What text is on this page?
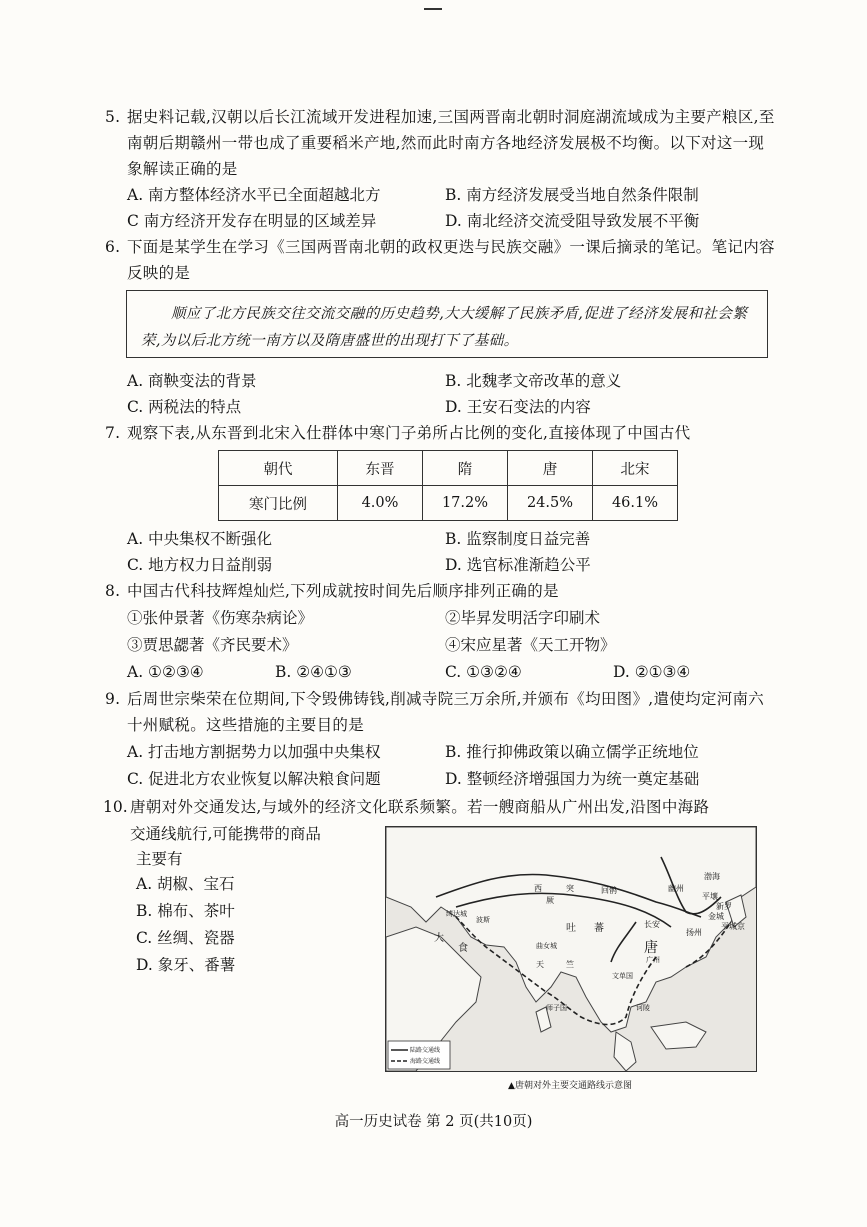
5. 据史料记载,汉朝以后长江流域开发进程加速,三国两晋南北朝时洞庭湖流域成为主要产粮区,至南朝后期赣州一带也成了重要稻米产地,然而此时南方各地经济发展极不均衡。以下对这一现象解读正确的是
A. 南方整体经济水平已全面超越北方	B. 南方经济发展受当地自然条件限制
C 南方经济开发存在明显的区域差异	D. 南北经济交流受阻导致发展不平衡
6. 下面是某学生在学习《三国两晋南北朝的政权更迭与民族交融》一课后摘录的笔记。笔记内容反映的是
顺应了北方民族交往交流交融的历史趋势,大大缓解了民族矛盾,促进了经济发展和社会繁荣,为以后北方统一南方以及隋唐盛世的出现打下了基础。
A. 商鞅变法的背景	B. 北魏孝文帝改革的意义
C. 两税法的特点	D. 王安石变法的内容
7. 观察下表,从东晋到北宋入仕群体中寒门子弟所占比例的变化,直接体现了中国古代
朝代	东晋	隋	唐	北宋
寒门比例	4.0%	17.2%	24.5%	46.1%
A. 中央集权不断强化	B. 监察制度日益完善
C. 地方权力日益削弱	D. 选官标准渐趋公平
8. 中国古代科技辉煌灿烂,下列成就按时间先后顺序排列正确的是
①张仲景著《伤寒杂病论》	②毕昇发明活字印刷术
③贾思勰著《齐民要术》	④宋应星著《天工开物》
A. ①②③④	B. ②④①③	C. ①③②④	D. ②①③④
9. 后周世宗柴荣在位期间,下令毁佛铸钱,削减寺院三万余所,并颁布《均田图》,遣使均定河南六十州赋税。这些措施的主要目的是
A. 打击地方割据势力以加强中央集权	B. 推行抑佛政策以确立儒学正统地位
C. 促进北方农业恢复以解决粮食问题	D. 整顿经济增强国力为统一奠定基础
10. 唐朝对外交通发达,与域外的经济文化联系频繁。若一艘商船从广州出发,沿图中海路
交通线航行,可能携带的商品
主要有
A. 胡椒、宝石
B. 棉布、茶叶
C. 丝绸、瓷器
D. 象牙、番薯
陆路交通线
海路交通线
西	突
厥
回鹘
渤海
幽州
平壤
新罗
金城
扬州
平城京
长安
唐
大
食
波斯
缚达城
吐 蕃
曲女城
天	竺	广州
文单国
诃陵
师子国
▲唐朝对外主要交通路线示意图
高一历史试卷 第 2 页(共10页)
